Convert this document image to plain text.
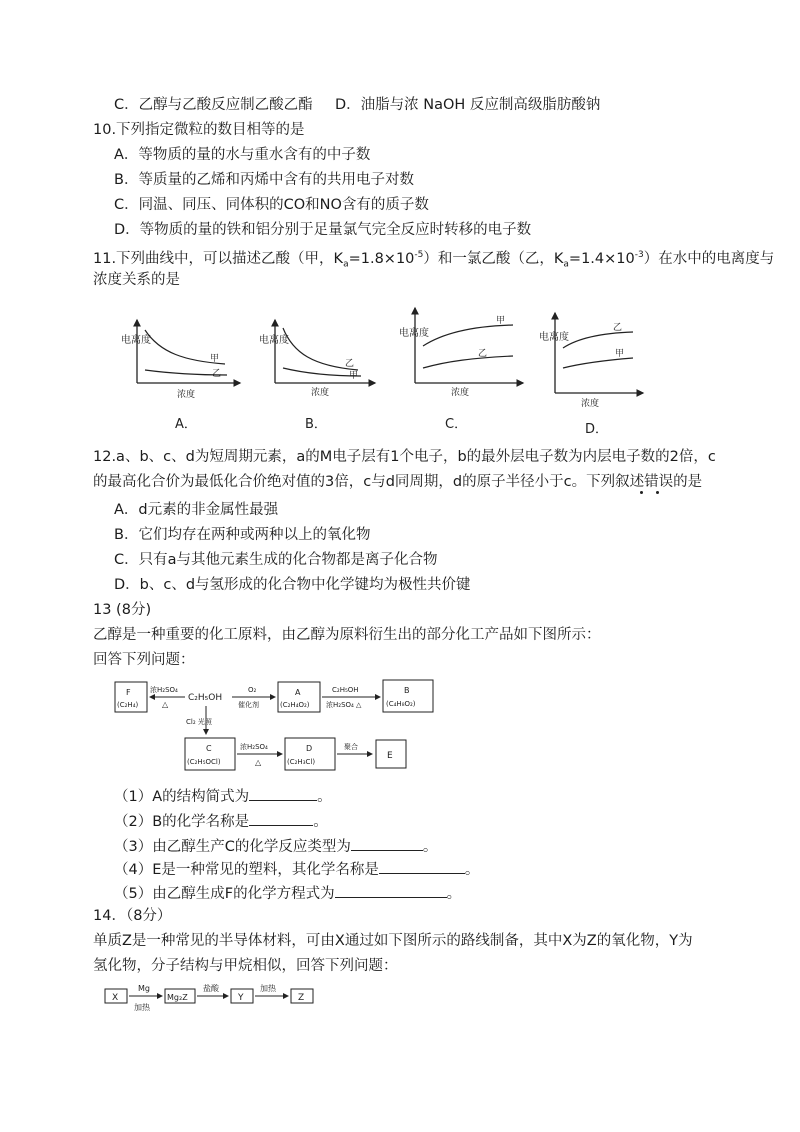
C．乙醇与乙酸反应制乙酸乙酯 D．油脂与浓 NaOH 反应制高级脂肪酸钠
10.下列指定微粒的数目相等的是
A．等物质的量的水与重水含有的中子数
B．等质量的乙烯和丙烯中含有的共用电子对数
C．同温、同压、同体积的CO和NO含有的质子数
D．等物质的量的铁和铝分别于足量氯气完全反应时转移的电子数
11.下列曲线中，可以描述乙酸（甲，$K_a=1.8\times 10^{-5}$）和一氯乙酸（乙，$K_a=1.4\times 10^{-3}$）在水中的电离度与
浓度关系的是
电离度
甲
乙
浓度
A．
电离度
乙
甲
浓度
B．
电离度
甲
乙
浓度
C．
电离度
乙
甲
浓度
D．
12.a、b、c、d为短周期元素，a的M电子层有1个电子，b的最外层电子数为内层电子数的2倍，c
的最高化合价为最低化合价绝对值的3倍，c与d同周期，d的原子半径小于c。下列叙述错误的是
A．d元素的非金属性最强
B．它们均存在两种或两种以上的氧化物
C．只有a与其他元素生成的化合物都是离子化合物
D．b、c、d与氢形成的化合物中化学键均为极性共价键
13 (8分)
乙醇是一种重要的化工原料，由乙醇为原料衍生出的部分化工产品如下图所示：
回答下列问题：
F
(C₂H₄)
浓H₂SO₄
△
C₂H₅OH
O₂
催化剂
A
(C₂H₄O₂)
C₂H₅OH
浓H₂SO₄ △
B
(C₄H₈O₂)
Cl₂ 光照
C
(C₂H₅OCl)
浓H₂SO₄
△
D
(C₂H₃Cl)
聚合
E
（1）A的结构简式为	。
（2）B的化学名称是	。
（3）由乙醇生产C的化学反应类型为	。
（4）E是一种常见的塑料，其化学名称是	。
（5）由乙醇生成F的化学方程式为	。
14．（8分）
单质Z是一种常见的半导体材料，可由X通过如下图所示的路线制备，其中X为Z的氧化物，Y为
氢化物，分子结构与甲烷相似，回答下列问题：
X
Mg
加热
Mg₂Z
盐酸
Y
加热
Z
